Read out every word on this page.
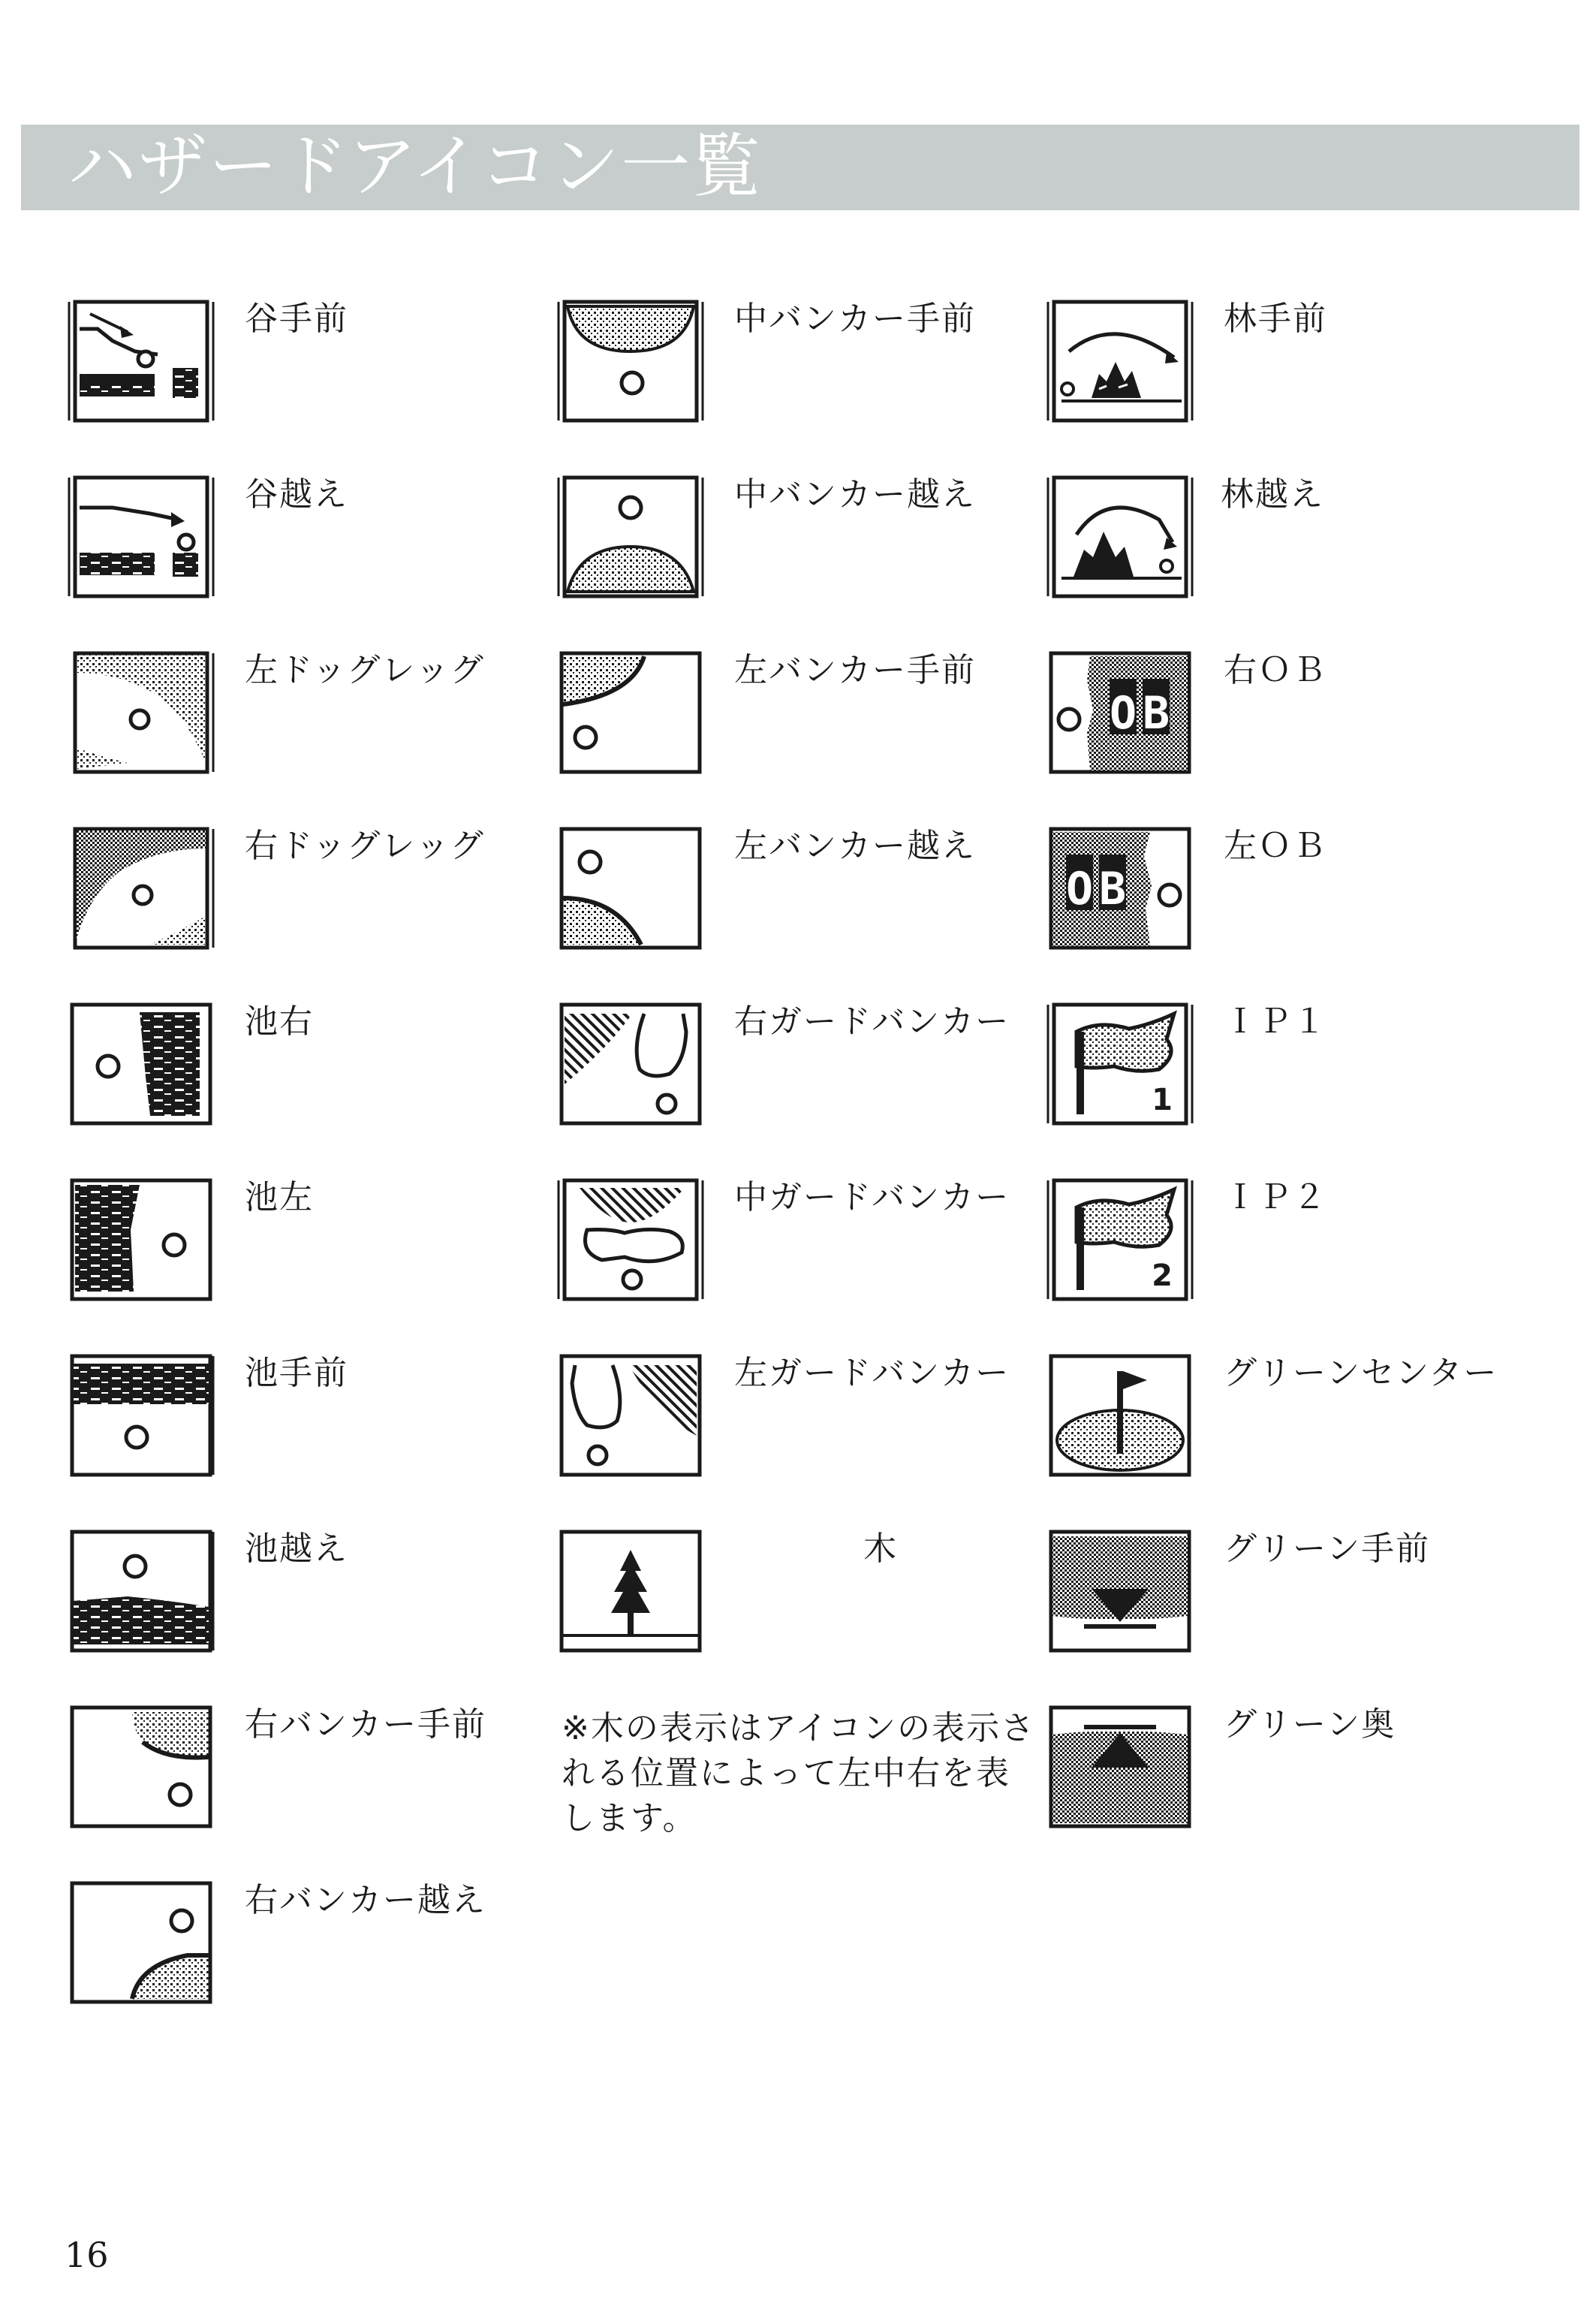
ハザードアイコン一覧
谷手前
谷越え
左ドッグレッグ
右ドッグレッグ
池右
池左
池手前
池越え
右バンカー手前
右バンカー越え
中バンカー手前
中バンカー越え
左バンカー手前
左バンカー越え
右ガードバンカー
中ガードバンカー
左ガードバンカー
木
※木の表示はアイコンの表示される位置によって左中右を表します。
林手前
林越え
O B
右ＯＢ
O B
左ＯＢ
1
ＩＰ１
2
ＩＰ２
グリーンセンター
グリーン手前
グリーン奥
16
